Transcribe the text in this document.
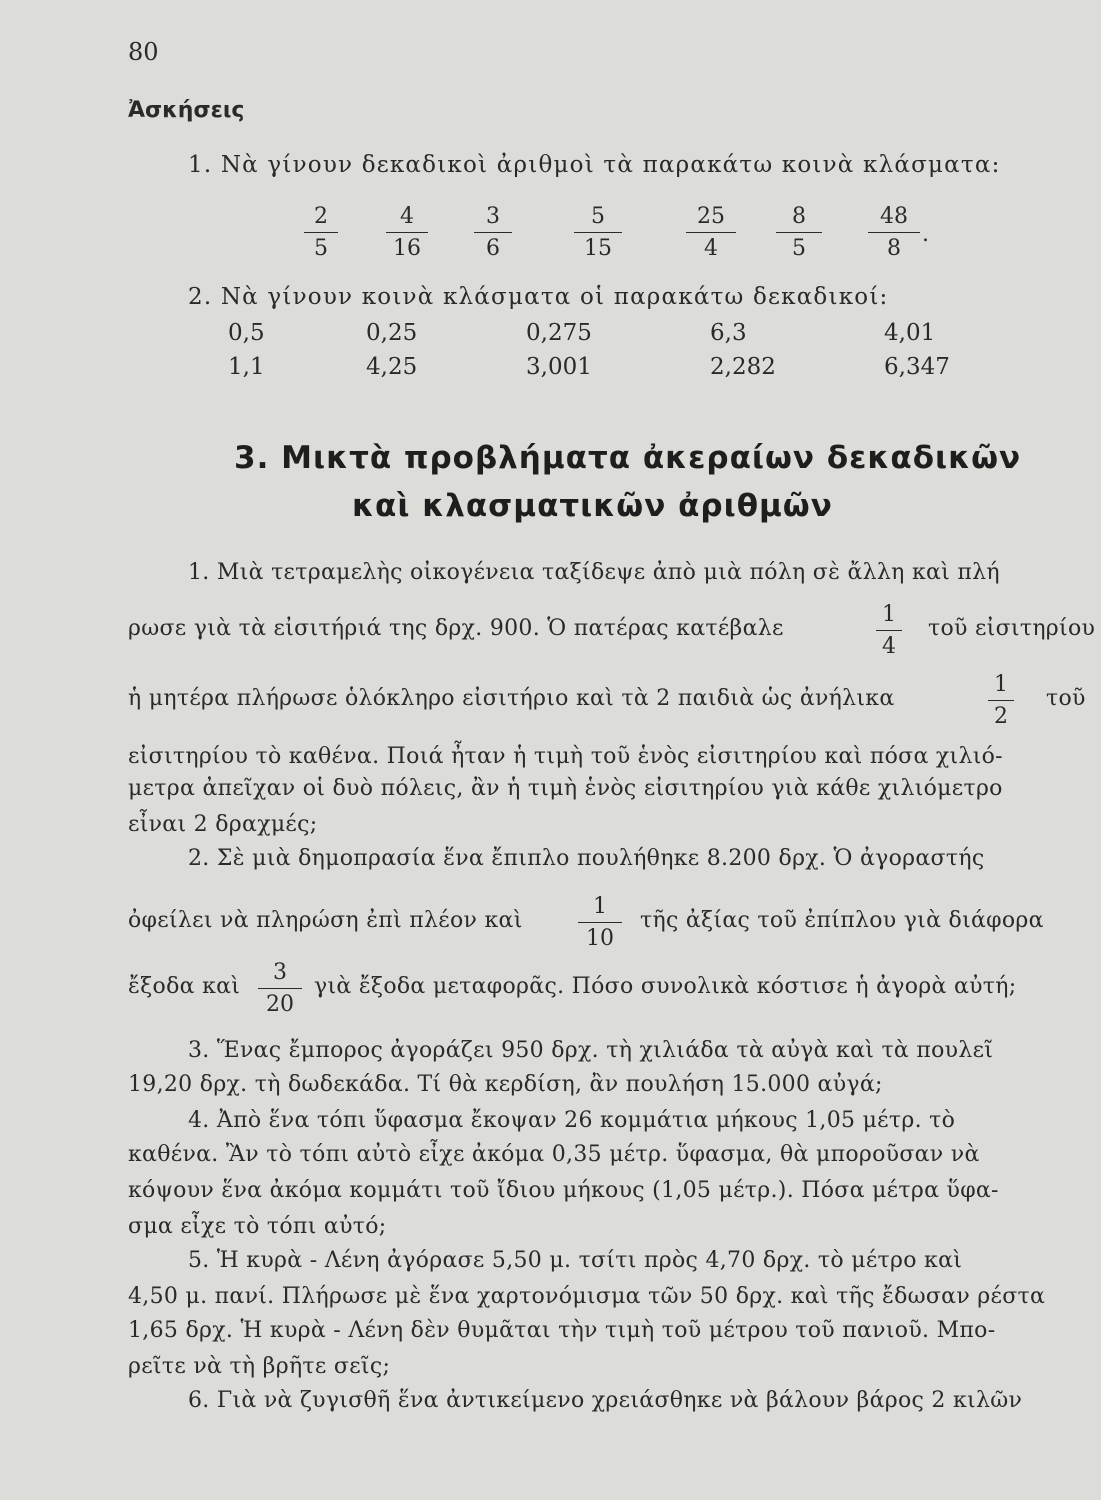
80
Ἀσκήσεις
1. Νὰ γίνουν δεκαδικοὶ ἀριθμοὶ τὰ παρακάτω κοινὰ κλάσματα:
2
5
4
16
3
6
5
15
25
4
8
5
48
8
.
2. Νὰ γίνουν κοινὰ κλάσματα οἱ παρακάτω δεκαδικοί:
0,5	0,25	0,275	6,3	4,01
1,1	4,25	3,001	2,282	6,347
3. Μικτὰ προβλήματα ἀκεραίων δεκαδικῶν
καὶ κλασματικῶν ἀριθμῶν
1. Μιὰ τετραμελὴς οἰκογένεια ταξίδεψε ἀπὸ μιὰ πόλη σὲ ἄλλη καὶ πλή
ρωσε γιὰ τὰ εἰσιτήριά της δρχ. 900. Ὁ πατέρας κατέβαλε
1
4
τοῦ εἰσιτηρίου
ἡ μητέρα πλήρωσε ὁλόκληρο εἰσιτήριο καὶ τὰ 2 παιδιὰ ὡς ἀνήλικα
1
2
τοῦ
εἰσιτηρίου τὸ καθένα. Ποιά ἦταν ἡ τιμὴ τοῦ ἑνὸς εἰσιτηρίου καὶ πόσα χιλιό-
μετρα ἀπεῖχαν οἱ δυὸ πόλεις, ἂν ἡ τιμὴ ἑνὸς εἰσιτηρίου γιὰ κάθε χιλιόμετρο
εἶναι 2 δραχμές;
2. Σὲ μιὰ δημοπρασία ἕνα ἔπιπλο πουλήθηκε 8.200 δρχ. Ὁ ἀγοραστής
ὀφείλει νὰ πληρώση ἐπὶ πλέον καὶ
1
10
τῆς ἀξίας τοῦ ἐπίπλου γιὰ διάφορα
ἔξοδα καὶ
3
20
γιὰ ἔξοδα μεταφορᾶς. Πόσο συνολικὰ κόστισε ἡ ἀγορὰ αὐτή;
3. Ἕνας ἔμπορος ἀγοράζει 950 δρχ. τὴ χιλιάδα τὰ αὐγὰ καὶ τὰ πουλεῖ
19,20 δρχ. τὴ δωδεκάδα. Τί θὰ κερδίση, ἂν πουλήση 15.000 αὐγά;
4. Ἀπὸ ἕνα τόπι ὕφασμα ἔκοψαν 26 κομμάτια μήκους 1,05 μέτρ. τὸ
καθένα. Ἂν τὸ τόπι αὐτὸ εἶχε ἀκόμα 0,35 μέτρ. ὕφασμα, θὰ μποροῦσαν νὰ
κόψουν ἕνα ἀκόμα κομμάτι τοῦ ἴδιου μήκους (1,05 μέτρ.). Πόσα μέτρα ὕφα-
σμα εἶχε τὸ τόπι αὐτό;
5. Ἡ κυρὰ - Λένη ἀγόρασε 5,50 μ. τσίτι πρὸς 4,70 δρχ. τὸ μέτρο καὶ
4,50 μ. πανί. Πλήρωσε μὲ ἕνα χαρτονόμισμα τῶν 50 δρχ. καὶ τῆς ἔδωσαν ρέστα
1,65 δρχ. Ἡ κυρὰ - Λένη δὲν θυμᾶται τὴν τιμὴ τοῦ μέτρου τοῦ πανιοῦ. Μπο-
ρεῖτε νὰ τὴ βρῆτε σεῖς;
6. Γιὰ νὰ ζυγισθῆ ἕνα ἀντικείμενο χρειάσθηκε νὰ βάλουν βάρος 2 κιλῶν
